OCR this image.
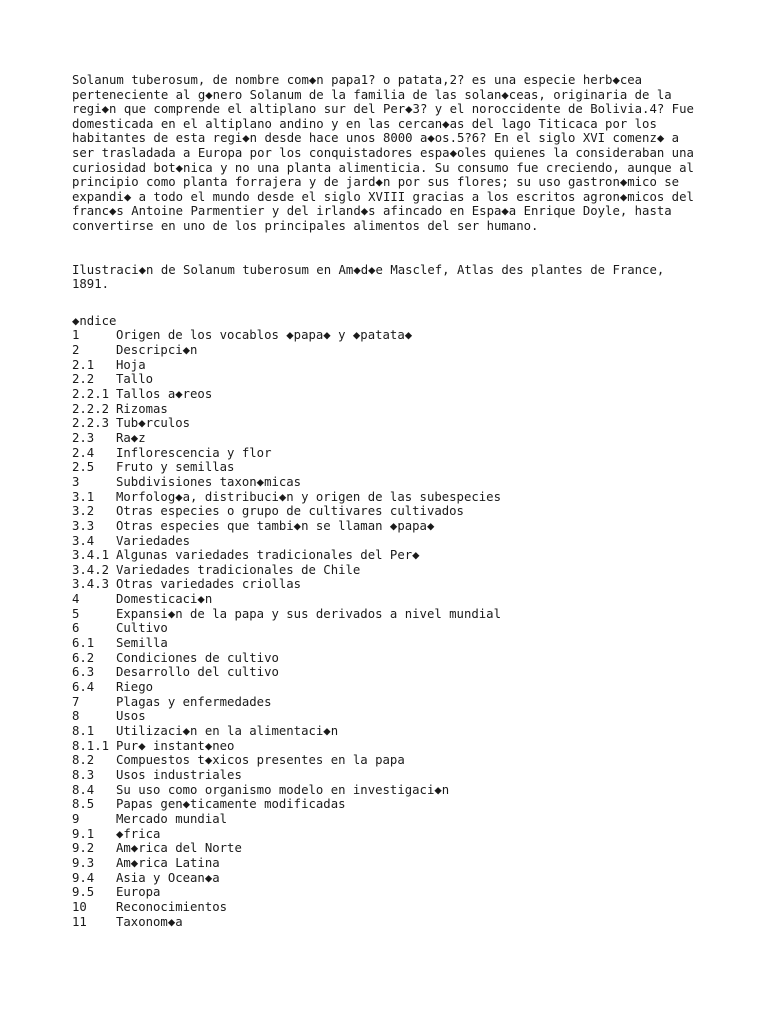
Solanum tuberosum, de nombre com◆n papa1? o patata,2? es una especie herb◆cea perteneciente al g◆nero Solanum de la familia de las solan◆ceas, originaria de la regi◆n que comprende el altiplano sur del Per◆3? y el noroccidente de Bolivia.4? Fue domesticada en el altiplano andino y en las cercan◆as del lago Titicaca por los habitantes de esta regi◆n desde hace unos 8000 a◆os.5?6? En el siglo XVI comenz◆ a ser trasladada a Europa por los conquistadores espa◆oles quienes la consideraban una curiosidad bot◆nica y no una planta alimenticia. Su consumo fue creciendo, aunque al principio como planta forrajera y de jard◆n por sus flores; su uso gastron◆mico se expandi◆ a todo el mundo desde el siglo XVIII gracias a los escritos agron◆micos del franc◆s Antoine Parmentier y del irland◆s afincado en Espa◆a Enrique Doyle, hasta convertirse en uno de los principales alimentos del ser humano.

Ilustraci◆n de Solanum tuberosum en Am◆d◆e Masclef, Atlas des plantes de France, 1891.

◆ndice
1	Origen de los vocablos ◆papa◆ y ◆patata◆
2	Descripci◆n
2.1	Hoja
2.2	Tallo
2.2.1 Tallos a◆reos
2.2.2 Rizomas
2.2.3 Tub◆rculos
2.3	Ra◆z
2.4	Inflorescencia y flor
2.5	Fruto y semillas
3	Subdivisiones taxon◆micas
3.1	Morfolog◆a, distribuci◆n y origen de las subespecies
3.2	Otras especies o grupo de cultivares cultivados
3.3	Otras especies que tambi◆n se llaman ◆papa◆
3.4	Variedades
3.4.1 Algunas variedades tradicionales del Per◆
3.4.2 Variedades tradicionales de Chile
3.4.3 Otras variedades criollas
4	Domesticaci◆n
5	Expansi◆n de la papa y sus derivados a nivel mundial
6	Cultivo
6.1	Semilla
6.2	Condiciones de cultivo
6.3	Desarrollo del cultivo
6.4	Riego
7	Plagas y enfermedades
8	Usos
8.1	Utilizaci◆n en la alimentaci◆n
8.1.1 Pur◆ instant◆neo
8.2	Compuestos t◆xicos presentes en la papa
8.3	Usos industriales
8.4	Su uso como organismo modelo en investigaci◆n
8.5	Papas gen◆ticamente modificadas
9	Mercado mundial
9.1	◆frica
9.2	Am◆rica del Norte
9.3	Am◆rica Latina
9.4	Asia y Ocean◆a
9.5	Europa
10	Reconocimientos
11	Taxonom◆a
